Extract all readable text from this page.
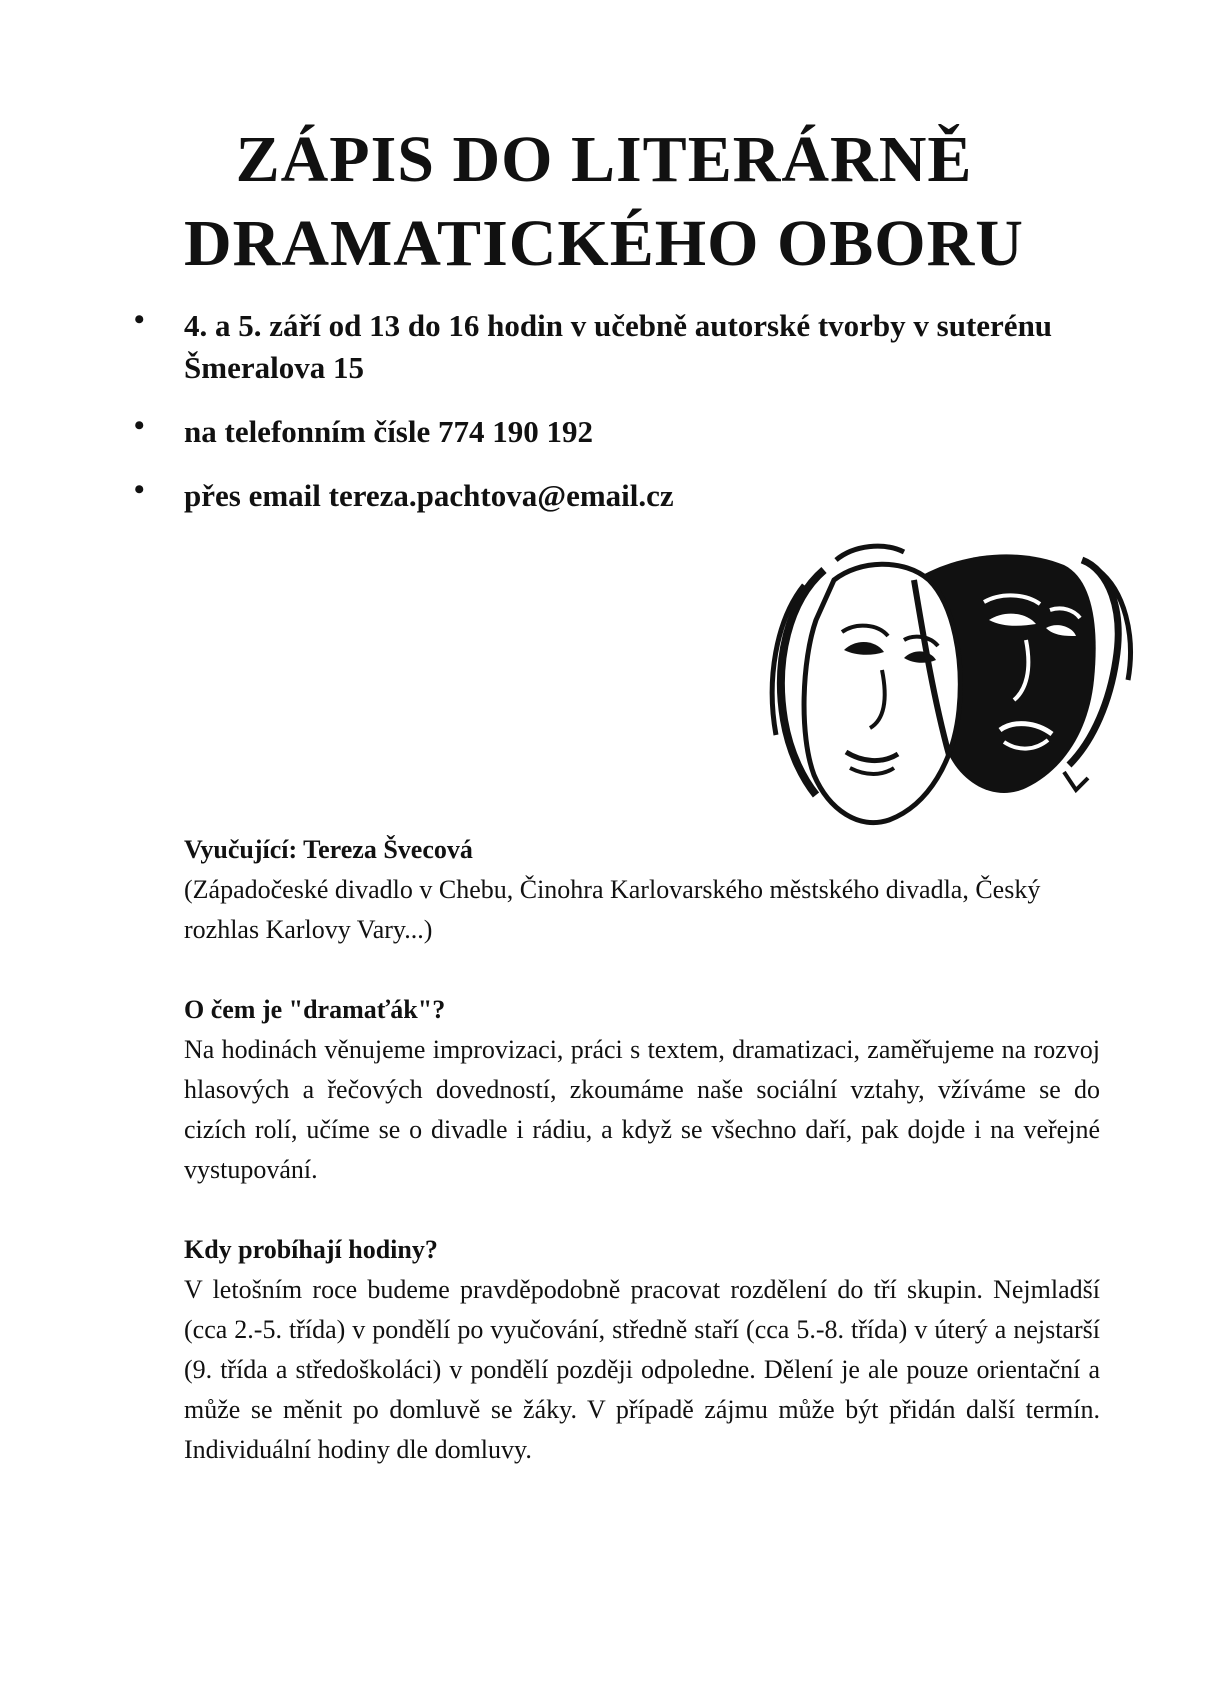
ZÁPIS DO LITERÁRNĚ
DRAMATICKÉHO OBORU
• 4. a 5. září od 13 do 16 hodin v učebně autorské tvorby v suterénu Šmeralova 15
• na telefonním čísle 774 190 192
• přes email tereza.pachtova@email.cz
Vyučující: Tereza Švecová

(Západočeské divadlo v Chebu, Činohra Karlovarského městského divadla, Český rozhlas Karlovy Vary...)

O čem je "dramaťák"?

Na hodinách věnujeme improvizaci, práci s textem, dramatizaci, zaměřujeme na rozvoj hlasových a řečových dovedností, zkoumáme naše sociální vztahy, vžíváme se do cizích rolí, učíme se o divadle i rádiu, a když se všechno daří, pak dojde i na veřejné vystupování.

Kdy probíhají hodiny?

V letošním roce budeme pravděpodobně pracovat rozdělení do tří skupin. Nejmladší (cca 2.-5. třída) v pondělí po vyučování, středně staří (cca 5.-8. třída) v úterý a nejstarší (9. třída a středoškoláci) v pondělí později odpoledne. Dělení je ale pouze orientační a může se měnit po domluvě se žáky. V případě zájmu může být přidán další termín. Individuální hodiny dle domluvy.
